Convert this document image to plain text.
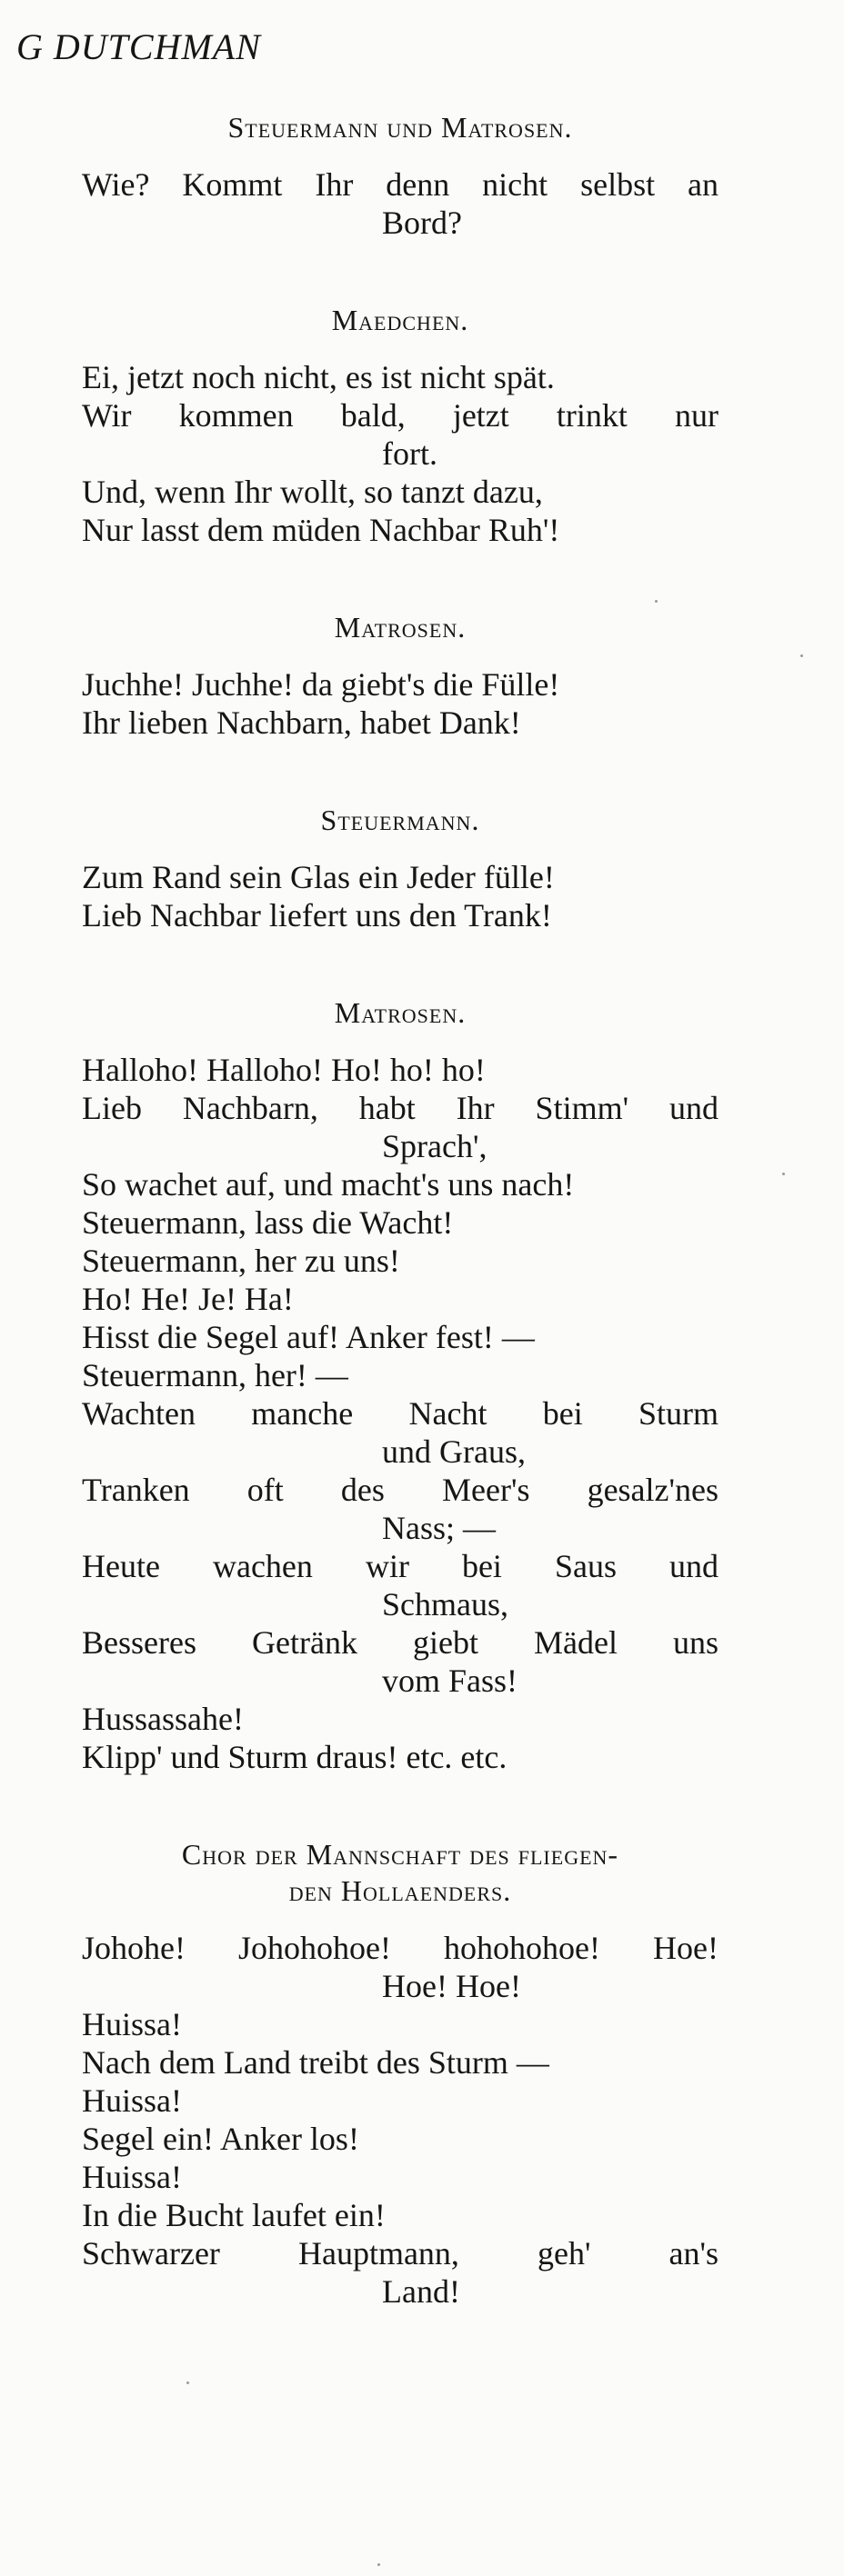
G DUTCHMAN
Steuermann und Matrosen.
Wie? Kommt Ihr denn nicht selbst an
Bord?
Maedchen.
Ei, jetzt noch nicht, es ist nicht spät.
Wir kommen bald, jetzt trinkt nur
fort.
Und, wenn Ihr wollt, so tanzt dazu,
Nur lasst dem müden Nachbar Ruh'!
Matrosen.
Juchhe! Juchhe! da giebt's die Fülle!
Ihr lieben Nachbarn, habet Dank!
Steuermann.
Zum Rand sein Glas ein Jeder fülle!
Lieb Nachbar liefert uns den Trank!
Matrosen.
Halloho! Halloho! Ho! ho! ho!
Lieb Nachbarn, habt Ihr Stimm' und
Sprach',
So wachet auf, und macht's uns nach!
Steuermann, lass die Wacht!
Steuermann, her zu uns!
Ho! He! Je! Ha!
Hisst die Segel auf! Anker fest! —
Steuermann, her! —
Wachten manche Nacht bei Sturm
und Graus,
Tranken oft des Meer's gesalz'nes
Nass; —
Heute wachen wir bei Saus und
Schmaus,
Besseres Getränk giebt Mädel uns
vom Fass!
Hussassahe!
Klipp' und Sturm draus! etc. etc.
Chor der Mannschaft des fliegen-
den Hollaenders.
Johohe! Johohohoe! hohohohoe! Hoe!
Hoe! Hoe!
Huissa!
Nach dem Land treibt des Sturm —
Huissa!
Segel ein! Anker los!
Huissa!
In die Bucht laufet ein!
Schwarzer Hauptmann, geh' an's
Land!
